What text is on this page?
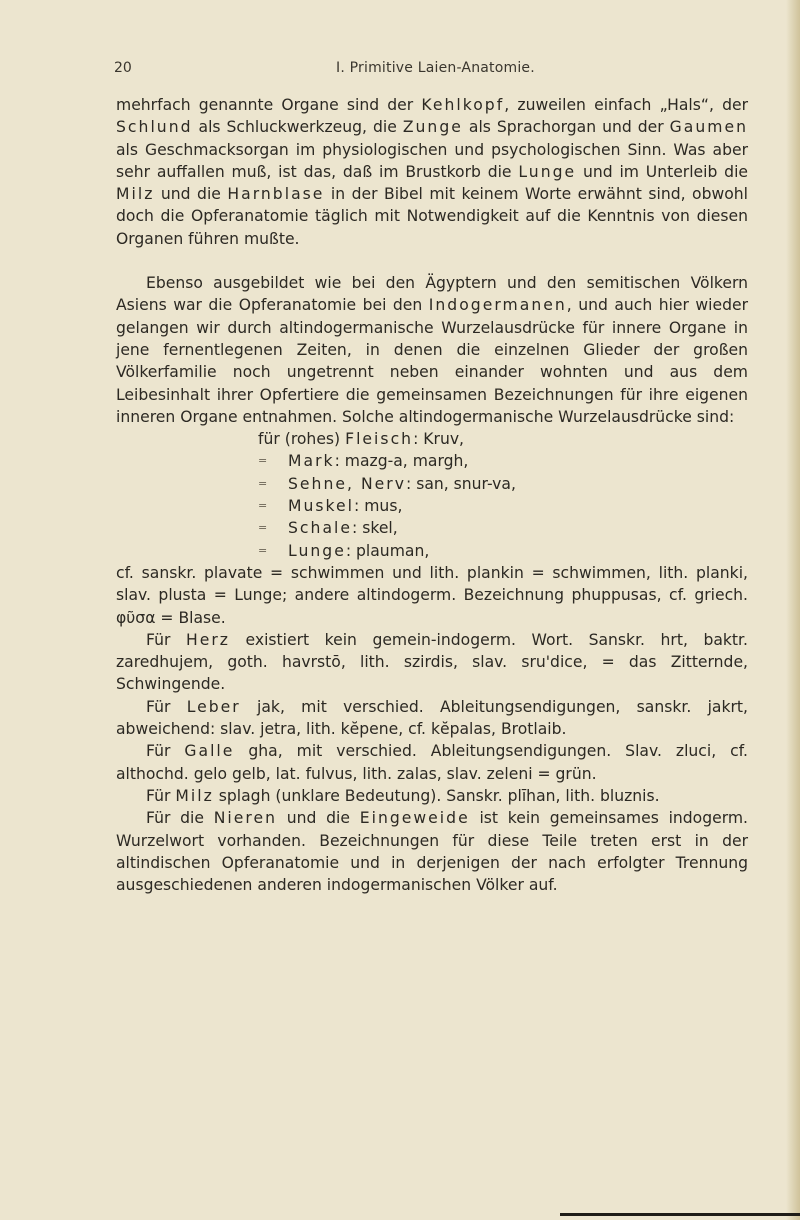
20	I. Primitive Laien-Anatomie.

mehrfach genannte Organe sind der Kehlkopf, zuweilen einfach „Hals“, der Schlund als Schluckwerkzeug, die Zunge als Sprachorgan und der Gaumen als Geschmacksorgan im physiologischen und psychologischen Sinn. Was aber sehr auffallen muß, ist das, daß im Brustkorb die Lunge und im Unterleib die Milz und die Harnblase in der Bibel mit keinem Worte erwähnt sind, obwohl doch die Opferanatomie täglich mit Notwendigkeit auf die Kenntnis von diesen Organen führen mußte.

Ebenso ausgebildet wie bei den Ägyptern und den semitischen Völkern Asiens war die Opferanatomie bei den Indogermanen, und auch hier wieder gelangen wir durch altindogermanische Wurzelausdrücke für innere Organe in jene fernentlegenen Zeiten, in denen die einzelnen Glieder der großen Völkerfamilie noch ungetrennt neben einander wohnten und aus dem Leibesinhalt ihrer Opfertiere die gemeinsamen Bezeichnungen für ihre eigenen inneren Organe entnahmen. Solche altindogermanische Wurzelausdrücke sind:

für (rohes) Fleisch: Kruv,
= Mark: mazg-a, margh,
= Sehne, Nerv: san, snur-va,
= Muskel: mus,
= Schale: skel,
= Lunge: plauman,

cf. sanskr. plavate = schwimmen und lith. plankin = schwimmen, lith. planki, slav. plusta = Lunge; andere altindogerm. Bezeichnung phuppusas, cf. griech. φῦσα = Blase.

Für Herz existiert kein gemein-indogerm. Wort. Sanskr. hrt, baktr. zaredhujem, goth. havrstō, lith. szirdis, slav. sru'dice, = das Zitternde, Schwingende.

Für Leber jak, mit verschied. Ableitungsendigungen, sanskr. jakrt, abweichend: slav. jetra, lith. kĕpene, cf. kĕpalas, Brotlaib.

Für Galle gha, mit verschied. Ableitungsendigungen. Slav. zluci, cf. althochd. gelo gelb, lat. fulvus, lith. zalas, slav. zeleni = grün.

Für Milz splagh (unklare Bedeutung). Sanskr. plīhan, lith. bluznis.

Für die Nieren und die Eingeweide ist kein gemeinsames indogerm. Wurzelwort vorhanden. Bezeichnungen für diese Teile treten erst in der altindischen Opferanatomie und in derjenigen der nach erfolgter Trennung ausgeschiedenen anderen indogermanischen Völker auf.
